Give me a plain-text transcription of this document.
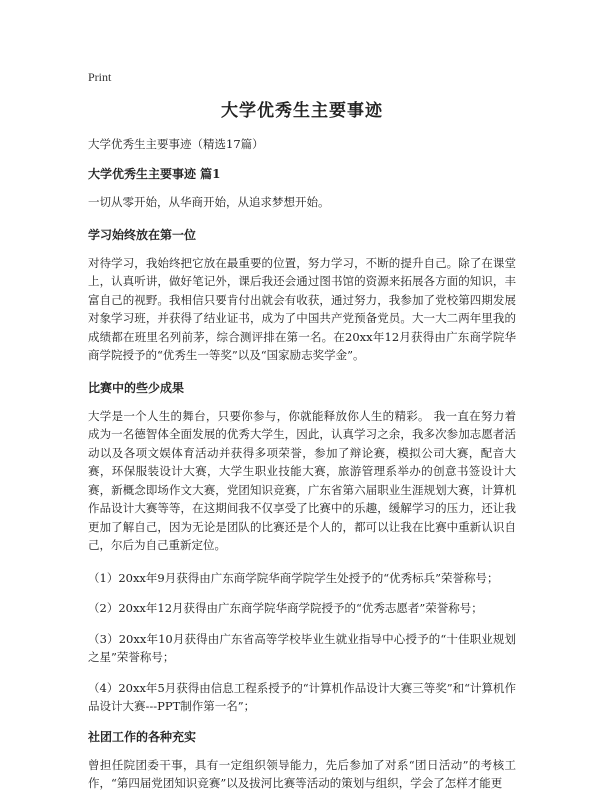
Print
大学优秀生主要事迹
大学优秀生主要事迹（精选17篇）
大学优秀生主要事迹 篇1

一切从零开始，从华商开始，从追求梦想开始。

学习始终放在第一位

对待学习，我始终把它放在最重要的位置，努力学习，不断的提升自己。除了在课堂上，认真听讲，做好笔记外，课后我还会通过图书馆的资源来拓展各方面的知识，丰富自己的视野。我相信只要肯付出就会有收获，通过努力，我参加了党校第四期发展对象学习班，并获得了结业证书，成为了中国共产党预备党员。大一大二两年里我的成绩都在班里名列前茅，综合测评排在第一名。在20xx年12月获得由广东商学院华商学院授予的“优秀生一等奖”以及“国家励志奖学金”。

比赛中的些少成果

大学是一个人生的舞台，只要你参与，你就能释放你人生的精彩。 我一直在努力着成为一名德智体全面发展的优秀大学生，因此，认真学习之余，我多次参加志愿者活动以及各项文娱体育活动并获得多项荣誉，参加了辩论赛，模拟公司大赛，配音大赛，环保服装设计大赛，大学生职业技能大赛，旅游管理系举办的创意书签设计大赛，新概念即场作文大赛，党团知识竞赛，广东省第六届职业生涯规划大赛，计算机作品设计大赛等等，在这期间我不仅享受了比赛中的乐趣，缓解学习的压力，还让我更加了解自己，因为无论是团队的比赛还是个人的，都可以让我在比赛中重新认识自己，尔后为自己重新定位。

（1）20xx年9月获得由广东商学院华商学院学生处授予的“优秀标兵”荣誉称号；

（2）20xx年12月获得由广东商学院华商学院授予的“优秀志愿者”荣誉称号；

（3）20xx年10月获得由广东省高等学校毕业生就业指导中心授予的“十佳职业规划之星”荣誉称号；

（4）20xx年5月获得由信息工程系授予的“计算机作品设计大赛三等奖”和“计算机作品设计大赛---PPT制作第一名”；

社团工作的各种充实

曾担任院团委干事，具有一定组织领导能力，先后参加了对系“团日活动”的考核工作，“第四届党团知识竞赛”以及拔河比赛等活动的策划与组织，学会了怎样才能更
